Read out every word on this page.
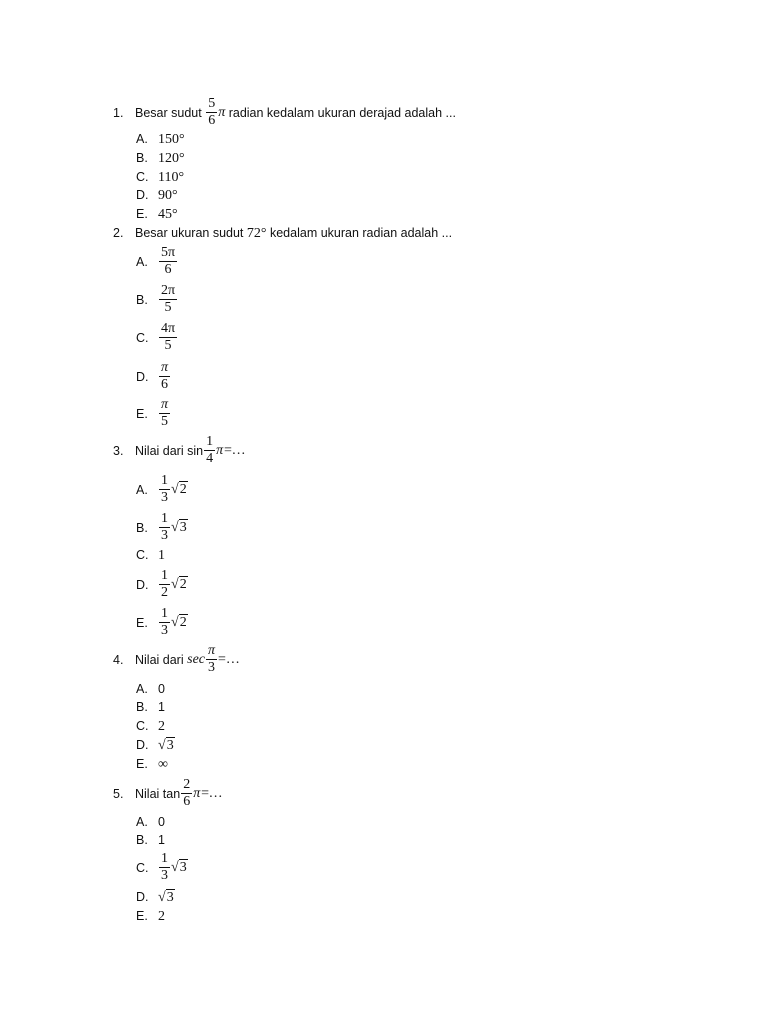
1. Besar sudut
$\frac{5}{6}$ π
radian kedalam ukuran derajad adalah ...
A. 150°
B. 120°
C. 110°
D. 90°
E. 45°
2. Besar ukuran sudut 72° kedalam ukuran radian adalah ...
A. $\frac{5\pi}{6}$
B. $\frac{2\pi}{5}$
C. $\frac{4\pi}{5}$
D. $\frac{\pi}{6}$
E. $\frac{\pi}{5}$
3. Nilai dari
$\sin \frac{1}{4}$ π=…
A. $\frac{1}{3} √2$
B. $\frac{1}{3} √3$
C. 1
D. $\frac{1}{2} √2$
E. $\frac{1}{3} √2$
4. Nilai dari
$\sec \frac{\pi}{3}$ =…
A. 0
B. 1
C. 2
D. √3
E. ∞
5. Nilai
$\tan \frac{2}{6}$ π=…
A. 0
B. 1
C. $\frac{1}{3} √3$
D. √3
E. 2
